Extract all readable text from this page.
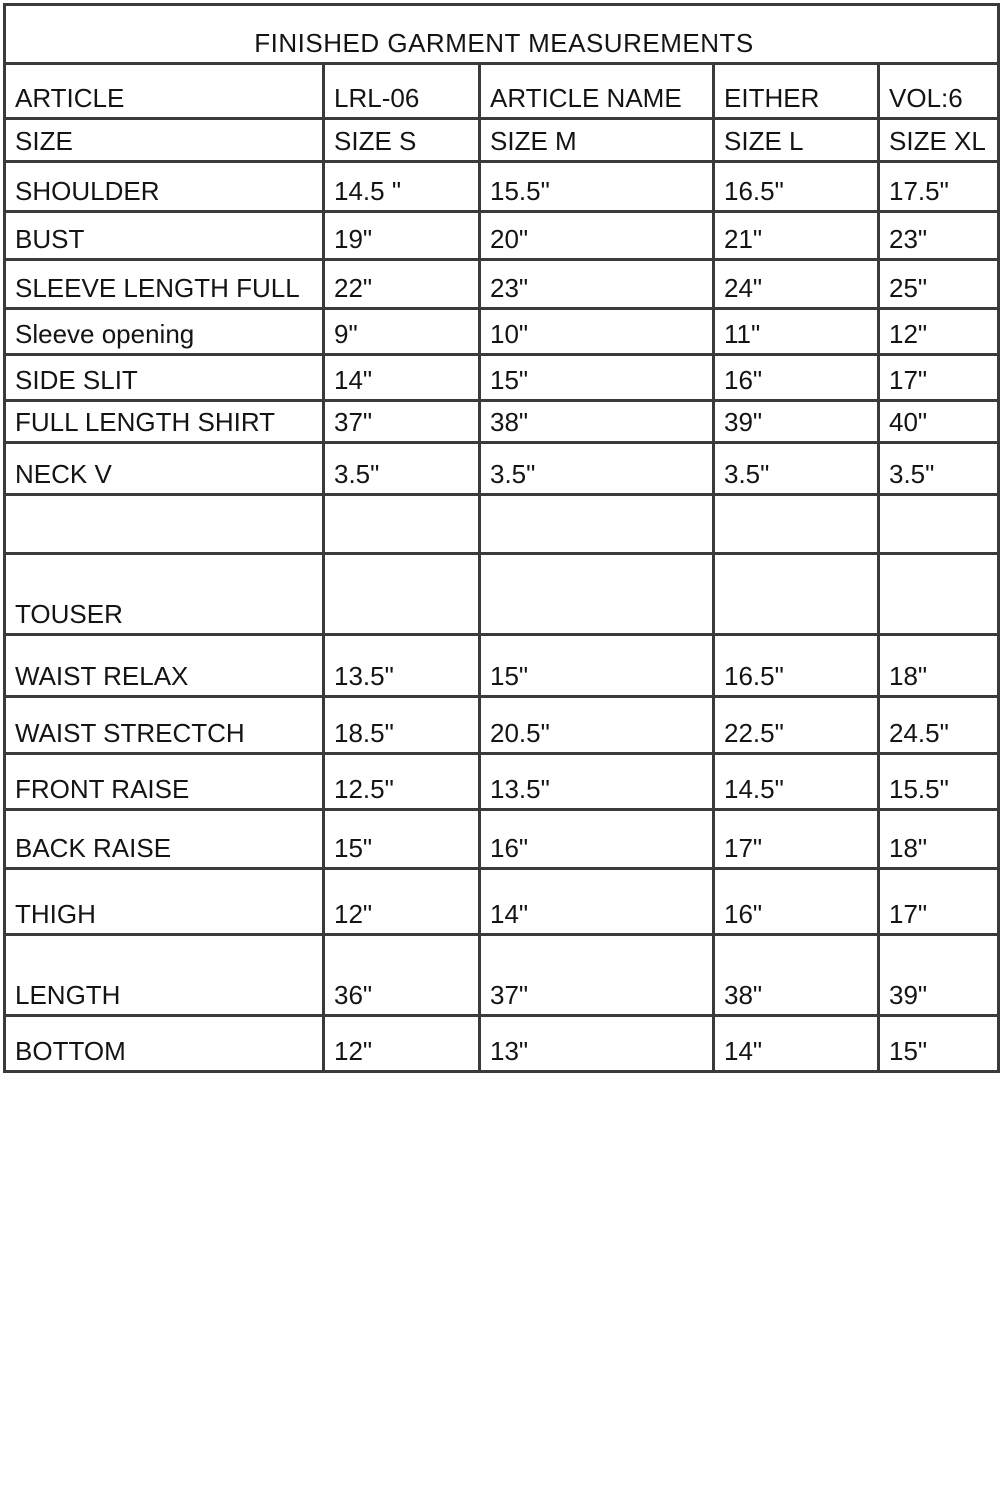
FINISHED GARMENT MEASUREMENTS				
ARTICLE	LRL-06	ARTICLE NAME	EITHER	VOL:6
SIZE	SIZE S	SIZE M	SIZE L	SIZE XL
SHOULDER	14.5 "	15.5"	16.5"	17.5"
BUST	19"	20"	21"	23"
SLEEVE LENGTH FULL	22"	23"	24"	25"
Sleeve opening	9"	10"	11"	12"
SIDE SLIT	14"	15"	16"	17"
FULL LENGTH SHIRT	37"	38"	39"	40"
NECK V	3.5"	3.5"	3.5"	3.5"

TOUSER				
WAIST RELAX	13.5"	15"	16.5"	18"
WAIST STRECTCH	18.5"	20.5"	22.5"	24.5"
FRONT RAISE	12.5"	13.5"	14.5"	15.5"
BACK RAISE	15"	16"	17"	18"
THIGH	12"	14"	16"	17"
LENGTH	36"	37"	38"	39"
BOTTOM	12"	13"	14"	15"
